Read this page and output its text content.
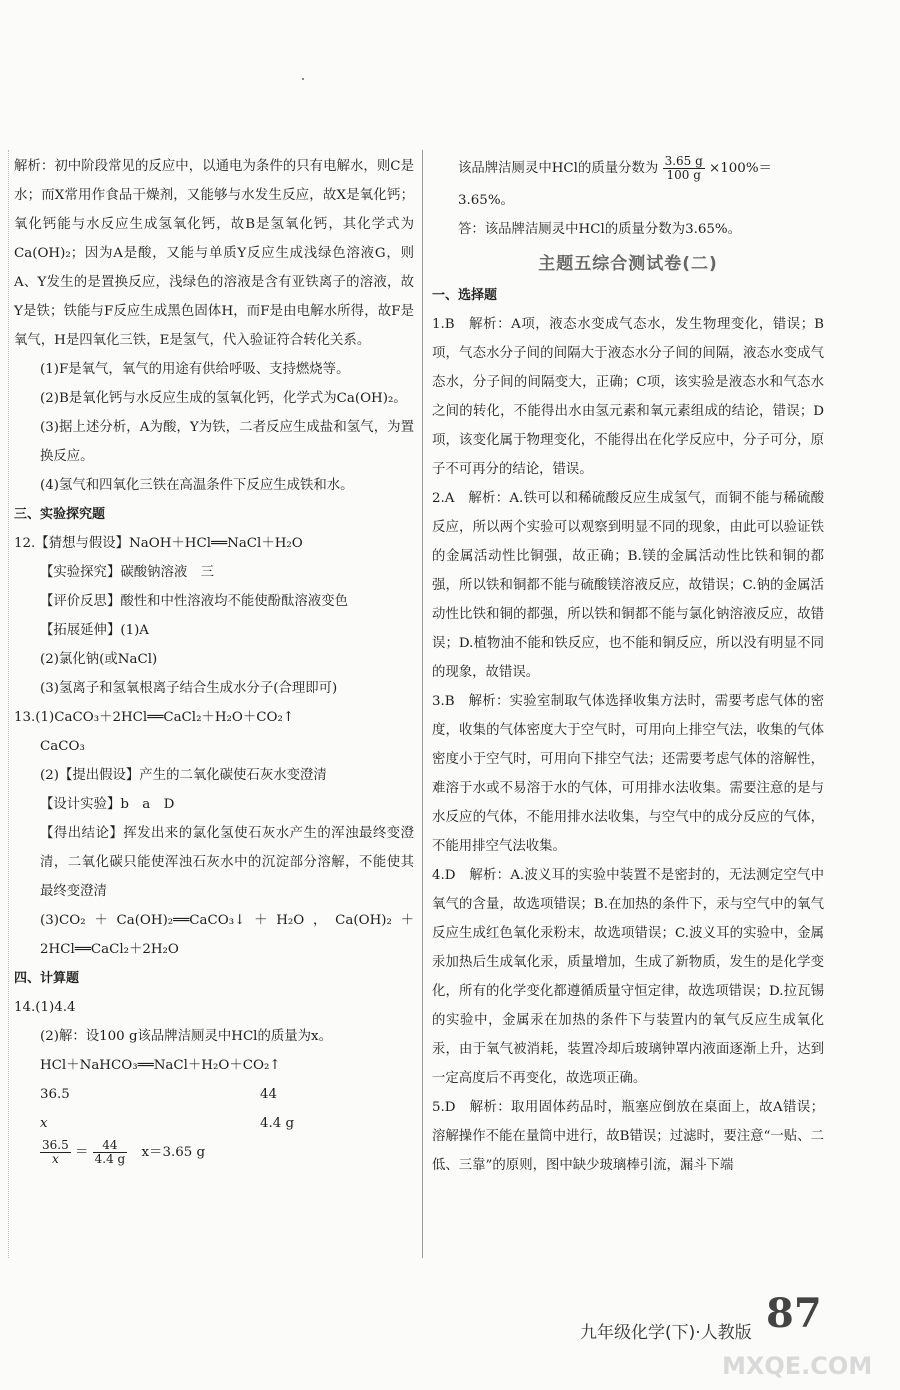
解析：初中阶段常见的反应中，以通电为条件的只有电解水，则C是水；而X常用作食品干燥剂，又能够与水发生反应，故X是氧化钙；氧化钙能与水反应生成氢氧化钙，故B是氢氧化钙，其化学式为Ca(OH)₂；因为A是酸，又能与单质Y反应生成浅绿色溶液G，则A、Y发生的是置换反应，浅绿色的溶液是含有亚铁离子的溶液，故Y是铁；铁能与F反应生成黑色固体H，而F是由电解水所得，故F是氧气，H是四氧化三铁，E是氢气，代入验证符合转化关系。

(1)F是氧气，氧气的用途有供给呼吸、支持燃烧等。

(2)B是氧化钙与水反应生成的氢氧化钙，化学式为Ca(OH)₂。

(3)据上述分析，A为酸，Y为铁，二者反应生成盐和氢气，为置换反应。

(4)氢气和四氧化三铁在高温条件下反应生成铁和水。

三、实验探究题

12.【猜想与假设】NaOH＋HCl══NaCl＋H₂O

【实验探究】碳酸钠溶液　三

【评价反思】酸性和中性溶液均不能使酚酞溶液变色

【拓展延伸】(1)A

(2)氯化钠(或NaCl)

(3)氢离子和氢氧根离子结合生成水分子(合理即可)

13.(1)CaCO₃＋2HCl══CaCl₂＋H₂O＋CO₂↑

CaCO₃

(2)【提出假设】产生的二氧化碳使石灰水变澄清

【设计实验】b　a　D

【得出结论】挥发出来的氯化氢使石灰水产生的浑浊最终变澄清，二氧化碳只能使浑浊石灰水中的沉淀部分溶解，不能使其最终变澄清

(3)CO₂＋Ca(OH)₂══CaCO₃↓＋H₂O，Ca(OH)₂＋2HCl══CaCl₂＋2H₂O

四、计算题

14.(1)4.4

(2)解：设100 g该品牌洁厕灵中HCl的质量为x。

HCl＋NaHCO₃══NaCl＋H₂O＋CO₂↑

36.5	44
x	4.4 g
$\frac{36.5}{x} = \frac{44}{4.4 g} x=3.65$ g
该品牌洁厕灵中HCl的质量分数为 $\frac{3.65 g}{100 g} \times 100\%=$

3.65%。

答：该品牌洁厕灵中HCl的质量分数为3.65%。

主题五综合测试卷(二)

一、选择题

1.B　解析：A项，液态水变成气态水，发生物理变化，错误；B项，气态水分子间的间隔大于液态水分子间的间隔，液态水变成气态水，分子间的间隔变大，正确；C项，该实验是液态水和气态水之间的转化，不能得出水由氢元素和氧元素组成的结论，错误；D项，该变化属于物理变化，不能得出在化学反应中，分子可分，原子不可再分的结论，错误。

2.A　解析：A.铁可以和稀硫酸反应生成氢气，而铜不能与稀硫酸反应，所以两个实验可以观察到明显不同的现象，由此可以验证铁的金属活动性比铜强，故正确；B.镁的金属活动性比铁和铜的都强，所以铁和铜都不能与硫酸镁溶液反应，故错误；C.钠的金属活动性比铁和铜的都强，所以铁和铜都不能与氯化钠溶液反应，故错误；D.植物油不能和铁反应，也不能和铜反应，所以没有明显不同的现象，故错误。

3.B　解析：实验室制取气体选择收集方法时，需要考虑气体的密度，收集的气体密度大于空气时，可用向上排空气法，收集的气体密度小于空气时，可用向下排空气法；还需要考虑气体的溶解性，难溶于水或不易溶于水的气体，可用排水法收集。需要注意的是与水反应的气体，不能用排水法收集，与空气中的成分反应的气体，不能用排空气法收集。

4.D　解析：A.波义耳的实验中装置不是密封的，无法测定空气中氧气的含量，故选项错误；B.在加热的条件下，汞与空气中的氧气反应生成红色氧化汞粉末，故选项错误；C.波义耳的实验中，金属汞加热后生成氧化汞，质量增加，生成了新物质，发生的是化学变化，所有的化学变化都遵循质量守恒定律，故选项错误；D.拉瓦锡的实验中，金属汞在加热的条件下与装置内的氧气反应生成氧化汞，由于氧气被消耗，装置冷却后玻璃钟罩内液面逐渐上升，达到一定高度后不再变化，故选项正确。

5.D　解析：取用固体药品时，瓶塞应倒放在桌面上，故A错误；溶解操作不能在量筒中进行，故B错误；过滤时，要注意“一贴、二低、三靠”的原则，图中缺少玻璃棒引流，漏斗下端

九年级化学(下)·人教版 87
MXQE.COM
